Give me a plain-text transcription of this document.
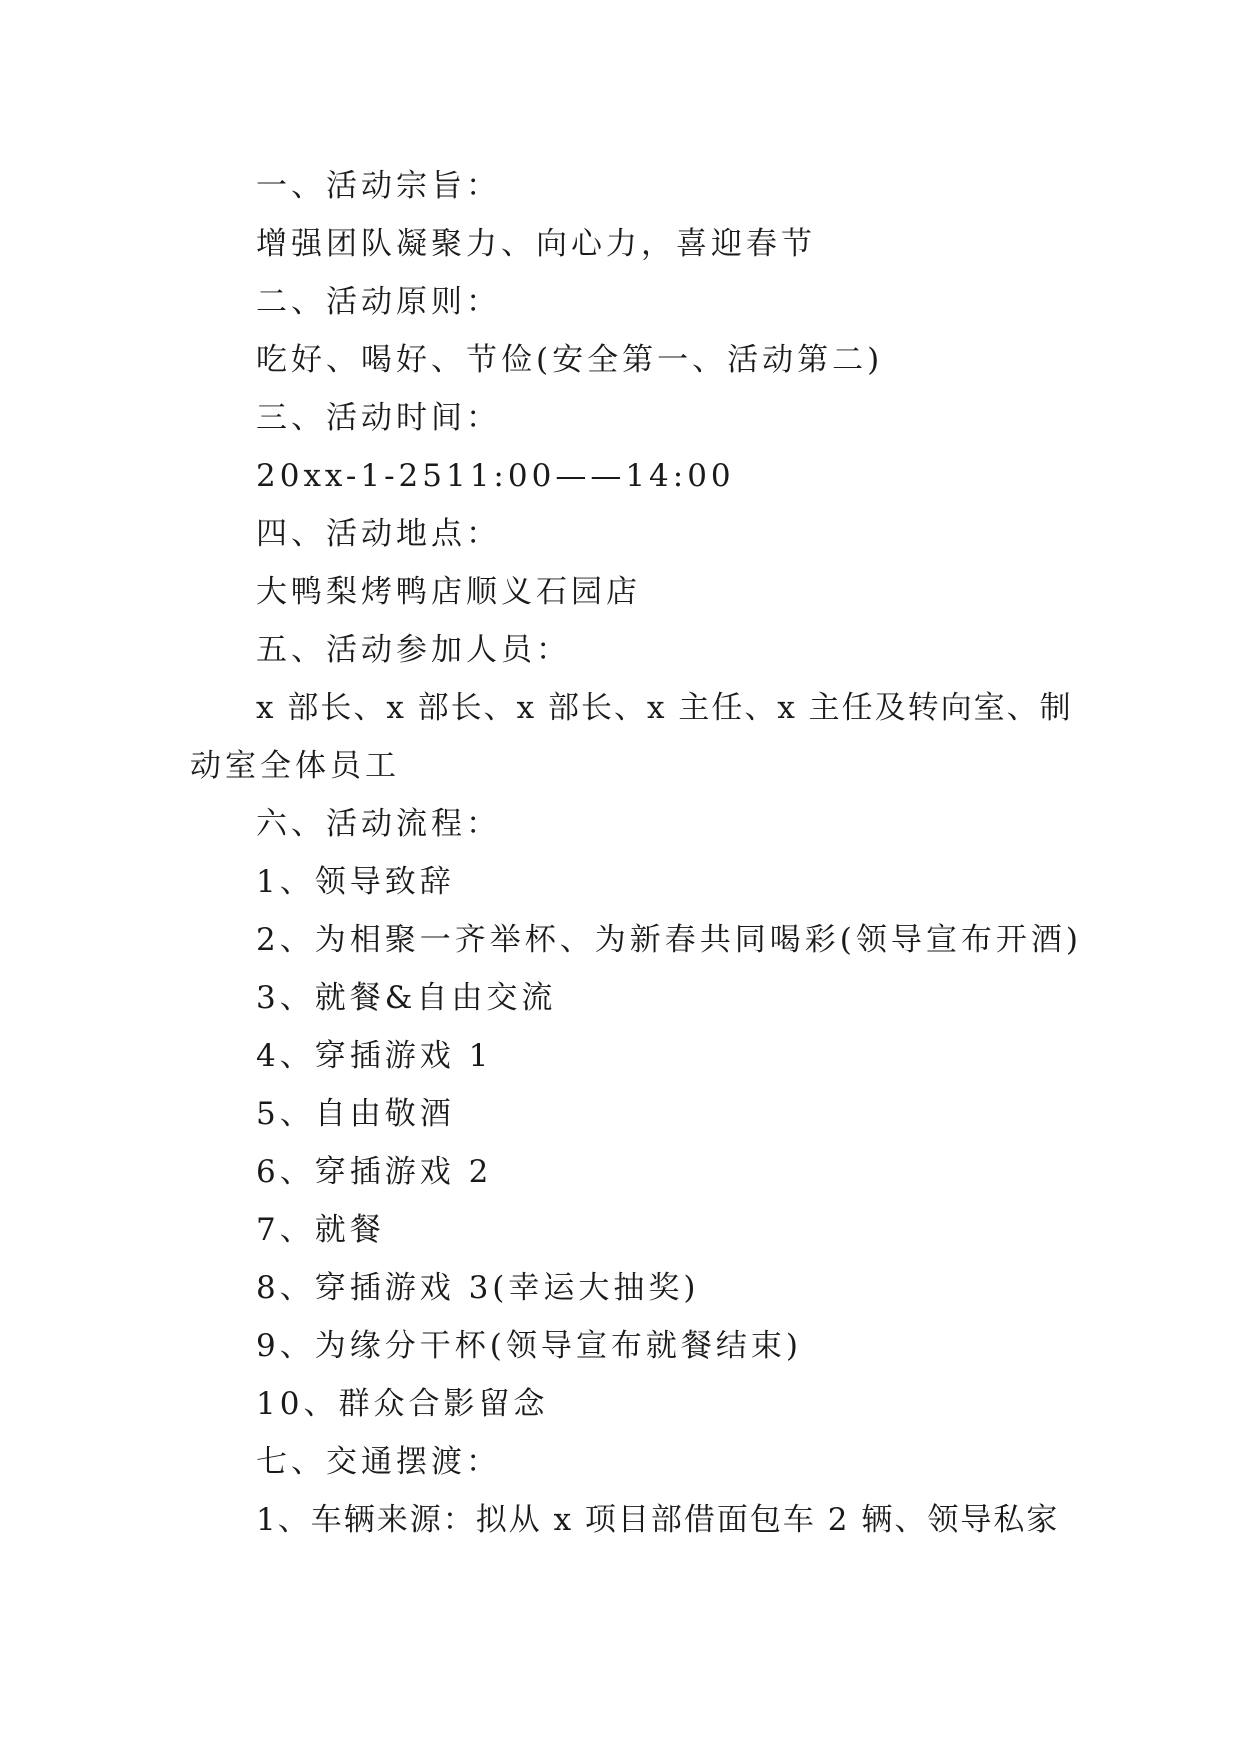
一、活动宗旨：
增强团队凝聚力、向心力，喜迎春节
二、活动原则：
吃好、喝好、节俭(安全第一、活动第二)
三、活动时间：
20xx-1-2511:00——14:00
四、活动地点：
大鸭梨烤鸭店顺义石园店
五、活动参加人员：
x 部长、x 部长、x 部长、x 主任、x 主任及转向室、制
动室全体员工
六、活动流程：
1、领导致辞
2、为相聚一齐举杯、为新春共同喝彩(领导宣布开酒)
3、就餐&自由交流
4、穿插游戏 1
5、自由敬酒
6、穿插游戏 2
7、就餐
8、穿插游戏 3(幸运大抽奖)
9、为缘分干杯(领导宣布就餐结束)
10、群众合影留念
七、交通摆渡：
1、车辆来源：拟从 x 项目部借面包车 2 辆、领导私家
